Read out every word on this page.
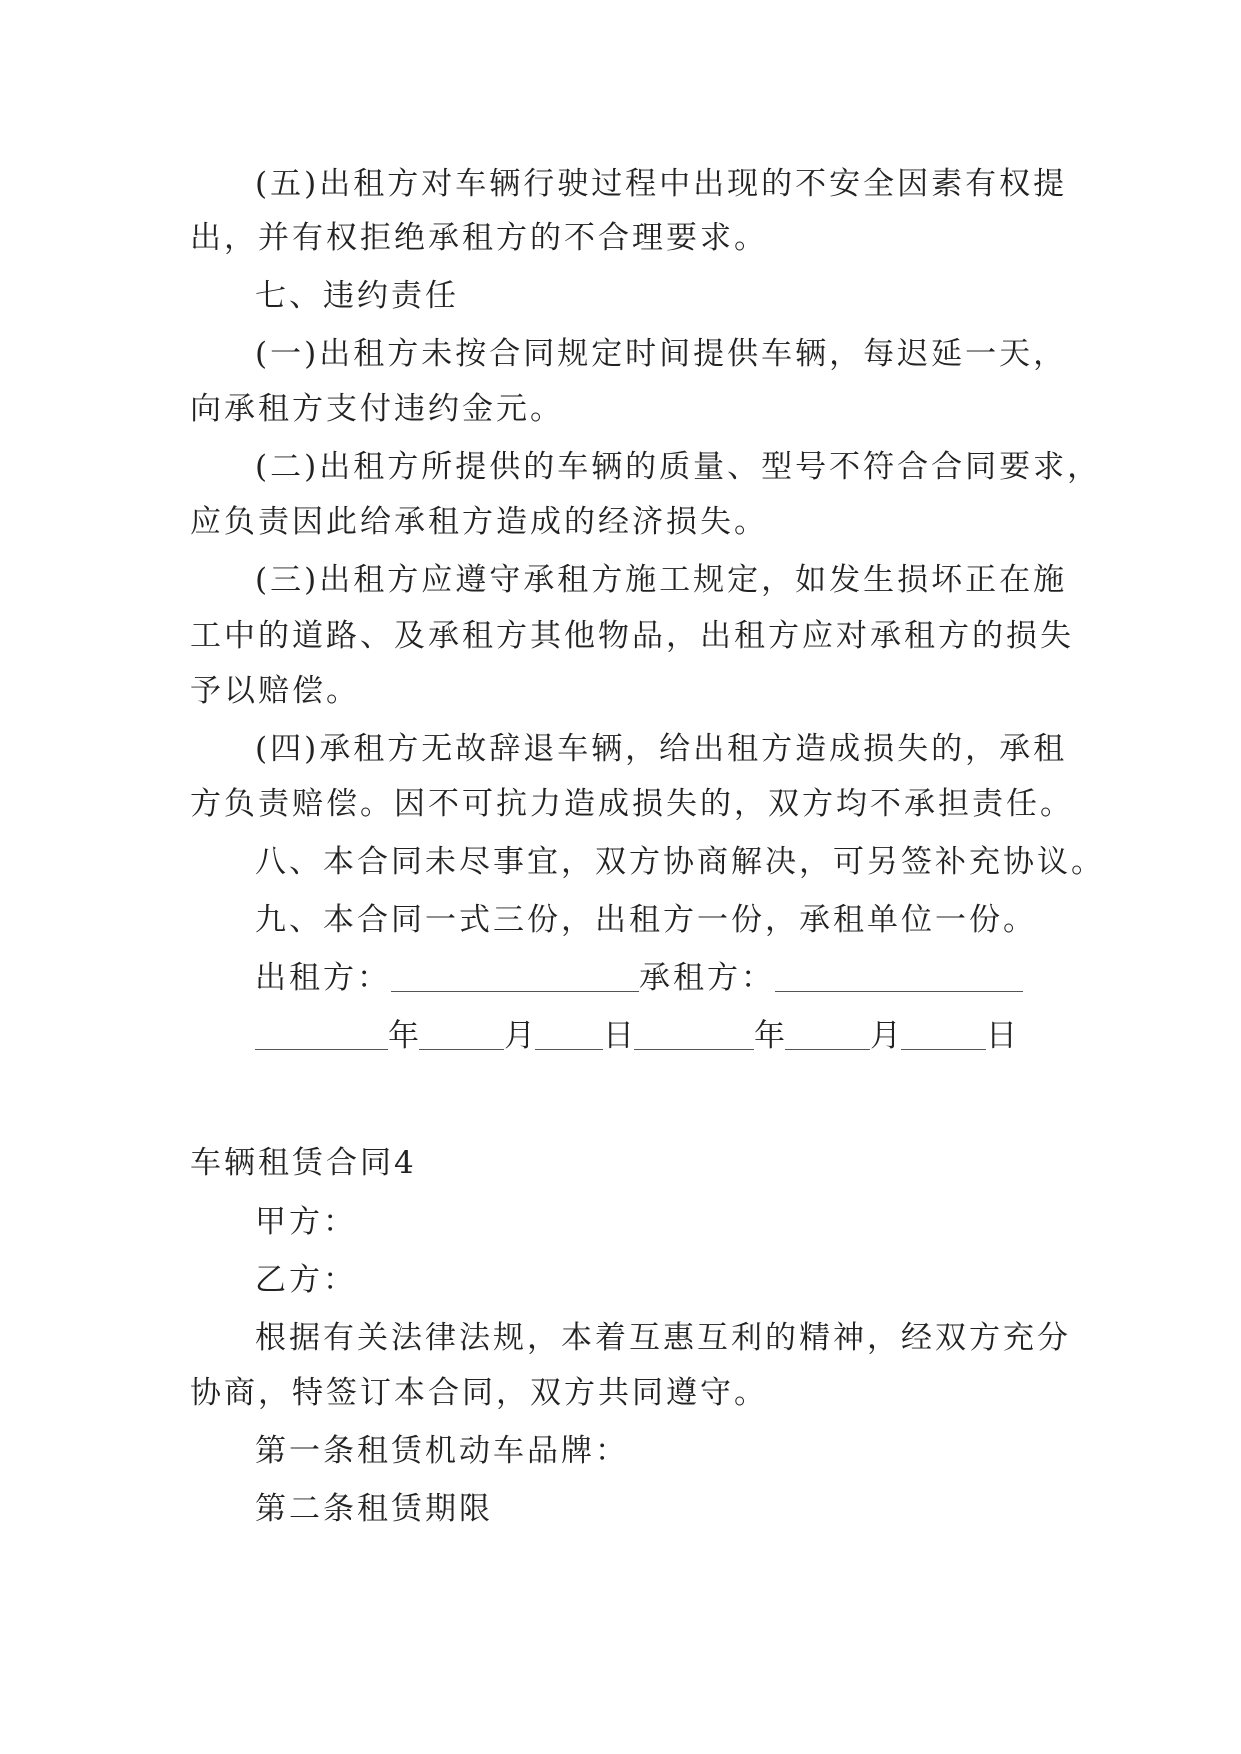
(五)出租方对车辆行驶过程中出现的不安全因素有权提
出，并有权拒绝承租方的不合理要求。
七、违约责任
(一)出租方未按合同规定时间提供车辆，每迟延一天，
向承租方支付违约金元。
(二)出租方所提供的车辆的质量、型号不符合合同要求，
应负责因此给承租方造成的经济损失。
(三)出租方应遵守承租方施工规定，如发生损坏正在施
工中的道路、及承租方其他物品，出租方应对承租方的损失
予以赔偿。
(四)承租方无故辞退车辆，给出租方造成损失的，承租
方负责赔偿。因不可抗力造成损失的，双方均不承担责任。
八、本合同未尽事宜，双方协商解决，可另签补充协议。
九、本合同一式三份，出租方一份，承租单位一份。
出租方：	承租方：
年	月 日	年	月	日
车辆租赁合同4
甲方：
乙方：
根据有关法律法规，本着互惠互利的精神，经双方充分
协商，特签订本合同，双方共同遵守。
第一条租赁机动车品牌：
第二条租赁期限
